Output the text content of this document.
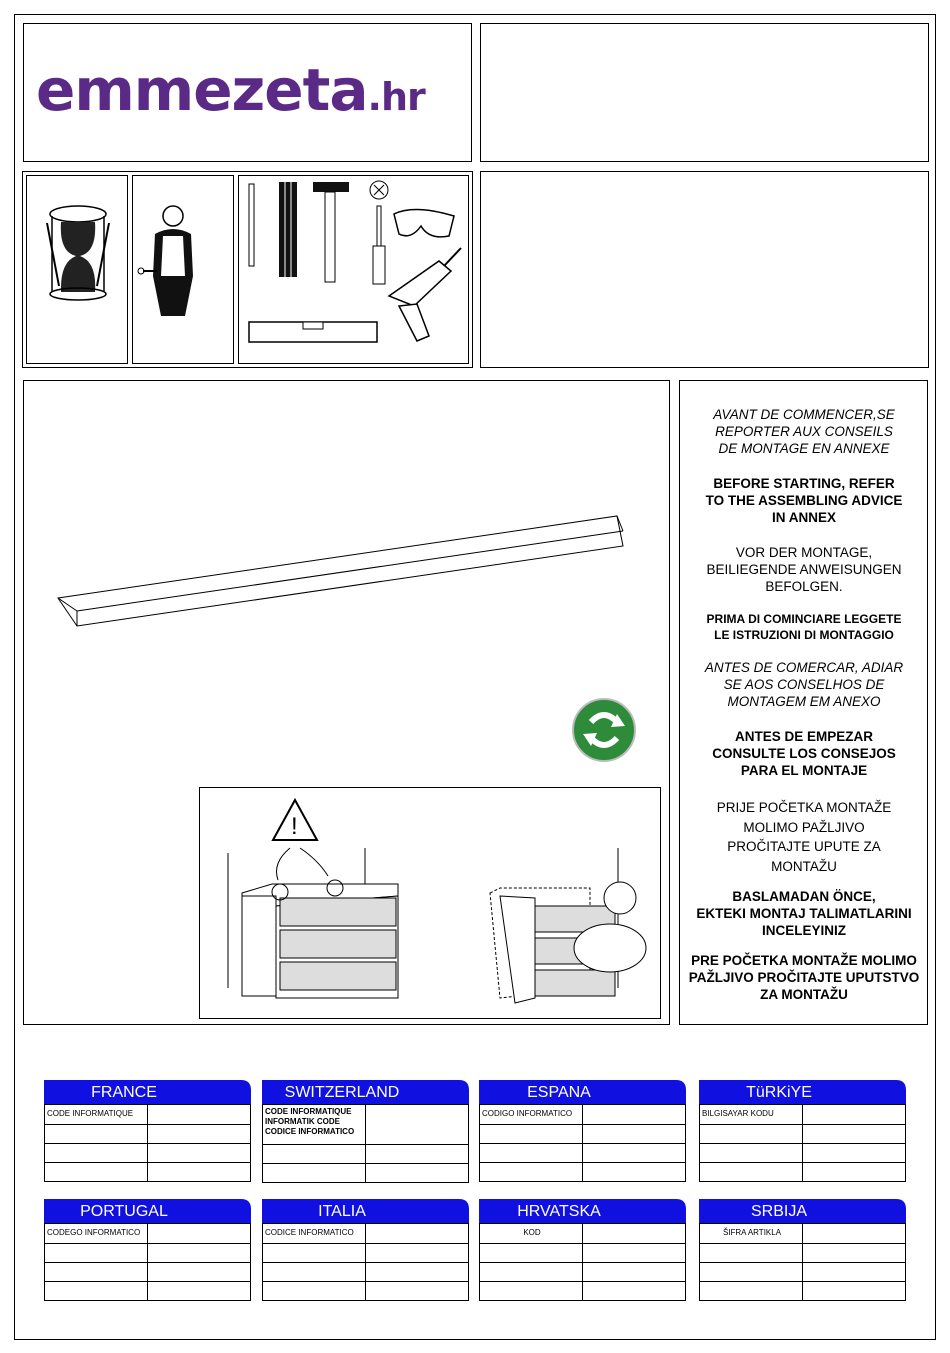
emmezeta.hr
!
AVANT DE COMMENCER,SE
REPORTER AUX CONSEILS
DE MONTAGE EN ANNEXE
BEFORE STARTING, REFER
TO THE ASSEMBLING ADVICE
IN ANNEX
VOR DER MONTAGE,
BEILIEGENDE ANWEISUNGEN
BEFOLGEN.
PRIMA DI COMINCIARE LEGGETE
LE ISTRUZIONI DI MONTAGGIO
ANTES DE COMERCAR, ADIAR
SE AOS CONSELHOS DE
MONTAGEM EM ANEXO
ANTES DE EMPEZAR
CONSULTE LOS CONSEJOS
PARA EL MONTAJE
PRIJE POČETKA MONTAŽE
MOLIMO PAŽLJIVO
PROČITAJTE UPUTE ZA
MONTAŽU
BASLAMADAN ÖNCE,
EKTEKI MONTAJ TALIMATLARINI
INCELEYINIZ
PRE POČETKA MONTAŽE MOLIMO
PAŽLJIVO PROČITAJTE UPUTSTVO
ZA MONTAŽU
FRANCE
CODE INFORMATIQUE
SWITZERLAND
CODE INFORMATIQUE
INFORMATIK CODE
CODICE INFORMATICO
ESPANA
CODIGO INFORMATICO
TüRKiYE
BILGISAYAR KODU
PORTUGAL
CODEGO INFORMATICO
ITALIA
CODICE INFORMATICO
HRVATSKA
KOD
SRBIJA
ŠIFRA ARTIKLA
